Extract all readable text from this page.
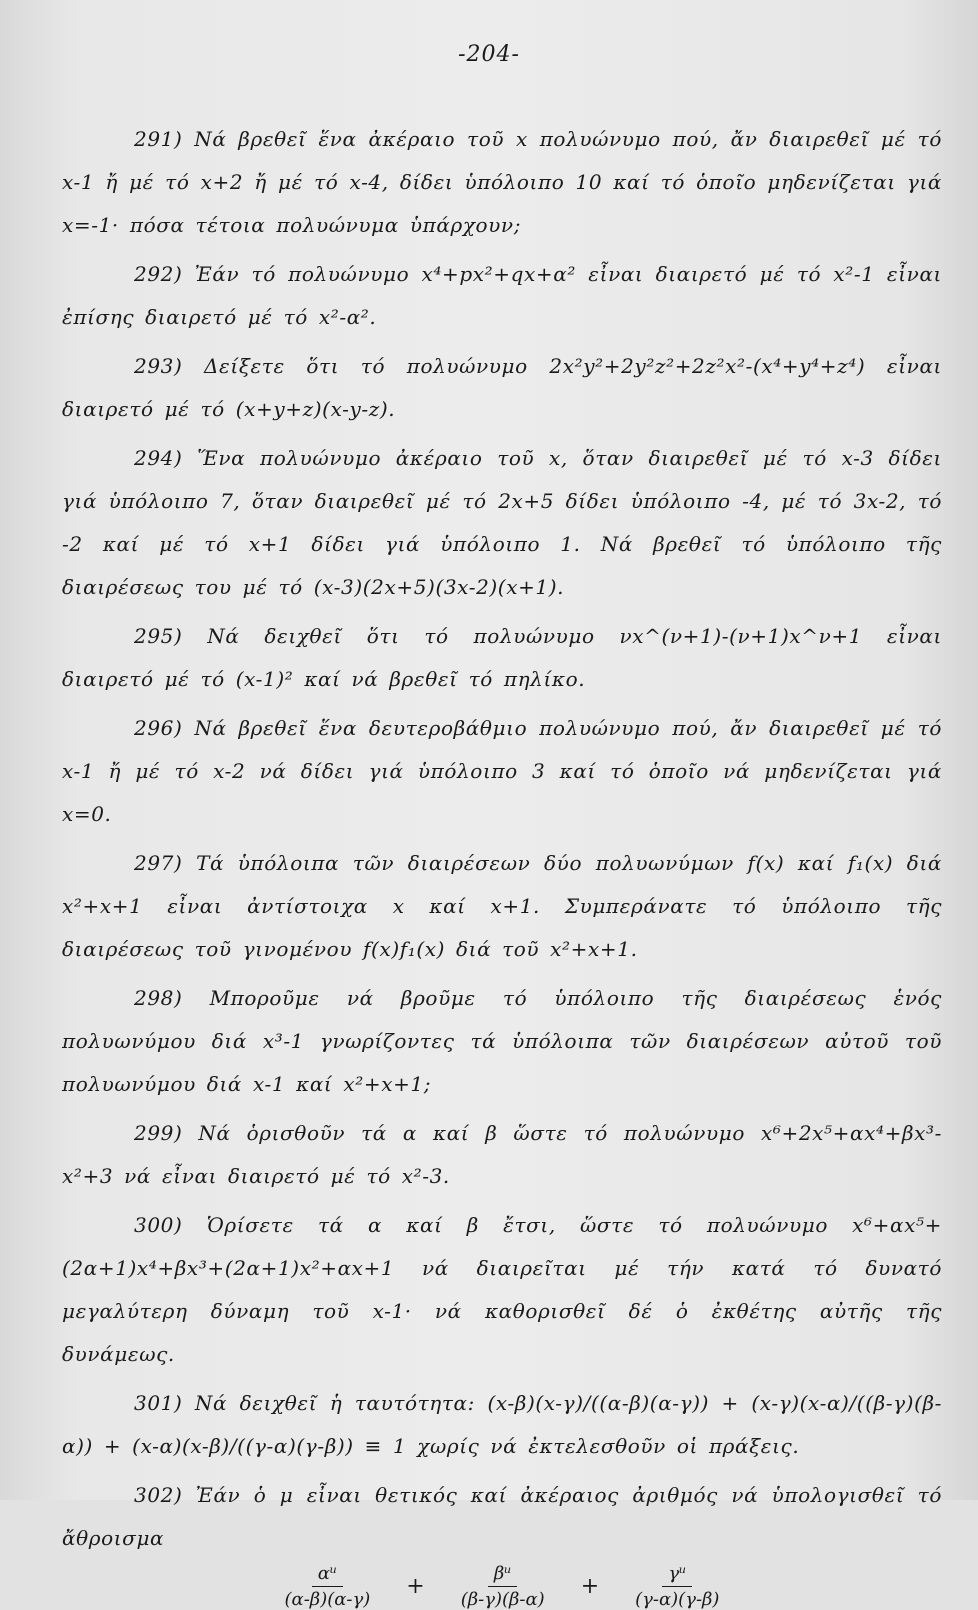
-204-

291) Νά βρεθεῖ ἕνα ἀκέραιο τοῦ x πολυώνυμο πού, ἄν διαιρεθεῖ μέ τό x-1 ἤ μέ τό x+2 ἤ μέ τό x-4, δίδει ὑπόλοιπο 10 καί τό ὁποῖο μηδενίζεται γιά x=-1· πόσα τέτοια πολυώνυμα ὑπάρχουν;

292) Ἐάν τό πολυώνυμο x⁴+px²+qx+α² εἶναι διαιρετό μέ τό x²-1 εἶναι ἐπίσης διαιρετό μέ τό x²-α².

293) Δείξετε ὅτι τό πολυώνυμο 2x²y²+2y²z²+2z²x²-(x⁴+y⁴+z⁴) εἶναι διαιρετό μέ τό (x+y+z)(x-y-z).

294) Ἕνα πολυώνυμο ἀκέραιο τοῦ x, ὅταν διαιρεθεῖ μέ τό x-3 δίδει γιά ὑπόλοιπο 7, ὅταν διαιρεθεῖ μέ τό 2x+5 δίδει ὑπόλοιπο -4, μέ τό 3x-2, τό -2 καί μέ τό x+1 δίδει γιά ὑπόλοιπο 1. Νά βρεθεῖ τό ὑπόλοιπο τῆς διαιρέσεως του μέ τό (x-3)(2x+5)(3x-2)(x+1).

295) Νά δειχθεῖ ὅτι τό πολυώνυμο νx^(ν+1)-(ν+1)x^ν+1 εἶναι διαιρετό μέ τό (x-1)² καί νά βρεθεῖ τό πηλίκο.

296) Νά βρεθεῖ ἕνα δευτεροβάθμιο πολυώνυμο πού, ἄν διαιρεθεῖ μέ τό x-1 ἤ μέ τό x-2 νά δίδει γιά ὑπόλοιπο 3 καί τό ὁποῖο νά μηδενίζεται γιά x=0.

297) Τά ὑπόλοιπα τῶν διαιρέσεων δύο πολυωνύμων f(x) καί f₁(x) διά x²+x+1 εἶναι ἀντίστοιχα x καί x+1. Συμπεράνατε τό ὑπόλοιπο τῆς διαιρέσεως τοῦ γινομένου f(x)f₁(x) διά τοῦ x²+x+1.

298) Μποροῦμε νά βροῦμε τό ὑπόλοιπο τῆς διαιρέσεως ἑνός πολυωνύμου διά x³-1 γνωρίζοντες τά ὑπόλοιπα τῶν διαιρέσεων αὐτοῦ τοῦ πολυωνύμου διά x-1 καί x²+x+1;

299) Νά ὁρισθοῦν τά α καί β ὥστε τό πολυώνυμο x⁶+2x⁵+αx⁴+βx³-x²+3 νά εἶναι διαιρετό μέ τό x²-3.

300) Ὁρίσετε τά α καί β ἔτσι, ὥστε τό πολυώνυμο x⁶+αx⁵+(2α+1)x⁴+βx³+(2α+1)x²+αx+1 νά διαιρεῖται μέ τήν κατά τό δυνατό μεγαλύτερη δύναμη τοῦ x-1· νά καθορισθεῖ δέ ὁ ἐκθέτης αὐτῆς τῆς δυνάμεως.

301) Νά δειχθεῖ ἡ ταυτότητα: (x-β)(x-γ)/((α-β)(α-γ)) + (x-γ)(x-α)/((β-γ)(β-α)) + (x-α)(x-β)/((γ-α)(γ-β)) ≡ 1 χωρίς νά ἐκτελεσθοῦν οἱ πράξεις.

302) Ἐάν ὁ μ εἶναι θετικός καί ἀκέραιος ἀριθμός νά ὑπολογισθεῖ τό ἄθροισμα

$\frac{\text{αᵘ}}{(\alpha-\beta)(\alpha-\gamma)} + \frac{\text{βᵘ}}{(\beta-\gamma)(\beta-\alpha)} + \frac{\text{γᵘ}}{(\gamma-\alpha)(\gamma-\beta)}$
